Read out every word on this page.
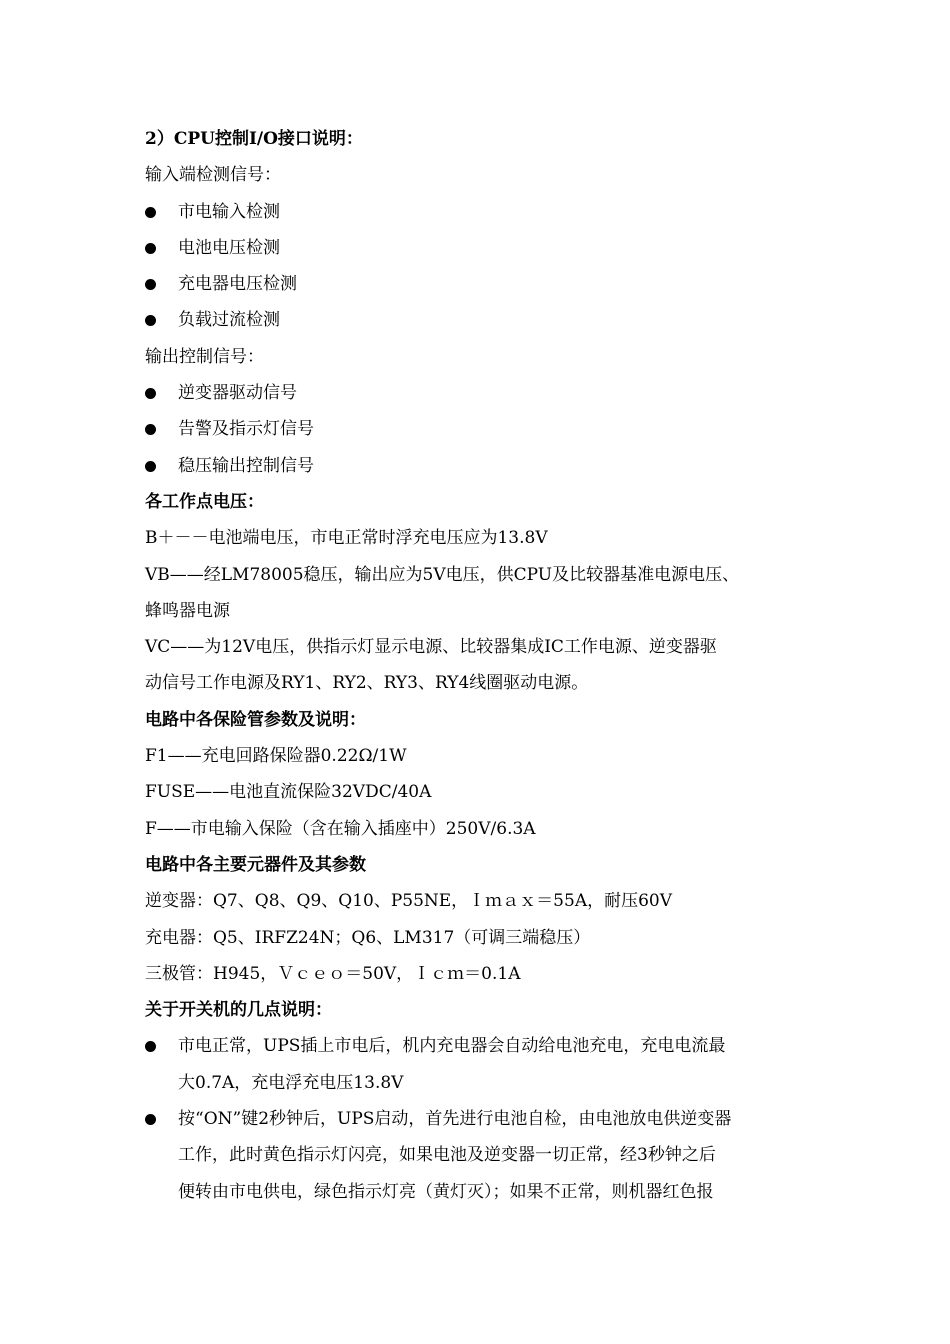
2）CPU控制I/O接口说明：
输入端检测信号：
市电输入检测
电池电压检测
充电器电压检测
负载过流检测
输出控制信号：
逆变器驱动信号
告警及指示灯信号
稳压输出控制信号
各工作点电压：
B＋－－电池端电压，市电正常时浮充电压应为13.8V
VB——经LM78005稳压，输出应为5V电压，供CPU及比较器基准电源电压、
蜂鸣器电源
VC——为12V电压，供指示灯显示电源、比较器集成IC工作电源、逆变器驱
动信号工作电源及RY1、RY2、RY3、RY4线圈驱动电源。
电路中各保险管参数及说明：
F1——充电回路保险器0.22Ω/1W
FUSE——电池直流保险32VDC/40A
F——市电输入保险（含在输入插座中）250V/6.3A
电路中各主要元器件及其参数
逆变器：Q7、Q8、Q9、Q10、P55NE，Ｉｍａｘ＝55A，耐压60V
充电器：Q5、IRFZ24N；Q6、LM317（可调三端稳压）
三极管：H945，Ｖｃｅｏ＝50V，Ｉｃｍ＝0.1A
关于开关机的几点说明：
市电正常，UPS插上市电后，机内充电器会自动给电池充电，充电电流最
大0.7A，充电浮充电压13.8V
按“ON”键2秒钟后，UPS启动，首先进行电池自检，由电池放电供逆变器
工作，此时黄色指示灯闪亮，如果电池及逆变器一切正常，经3秒钟之后
便转由市电供电，绿色指示灯亮（黄灯灭）；如果不正常，则机器红色报
